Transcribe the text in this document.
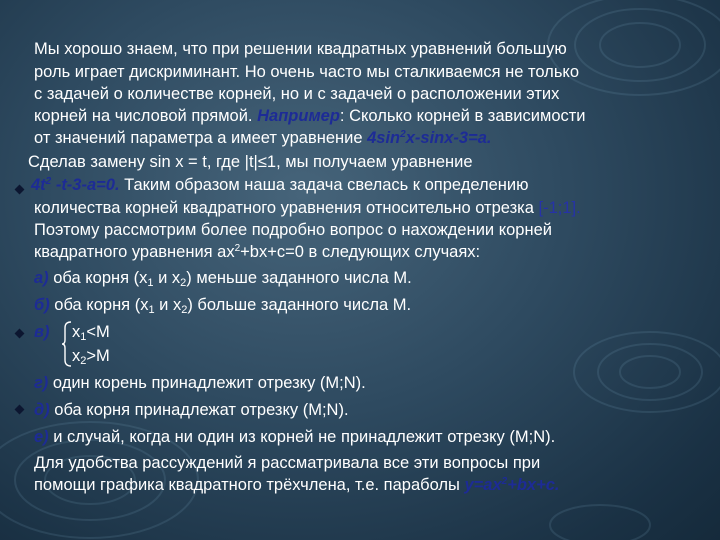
Мы хорошо знаем, что при решении квадратных уравнений большую
роль играет дискриминант. Но очень часто мы сталкиваемся не только
с задачей о количестве корней, но и с задачей о расположении этих
корней на числовой прямой. Например: Сколько корней в зависимости
от значений параметра а имеет уравнение $4\sin^2x-\sin x-3=a$.
Сделав замену sin x = t, где |t|≤1, мы получаем уравнение
$4t^2$ -t-3-a=0. Таким образом наша задача свелась к определению
количества корней квадратного уравнения относительно отрезка [-1;1].
Поэтому рассмотрим более подробно вопрос о нахождении корней
квадратного уравнения $ax^2+bx+c=0$ в следующих случаях:
а) оба корня ($x_1$ и $x_2$) меньше заданного числа М.
б) оба корня ($x_1$ и $x_2$) больше заданного числа М.
в) $x_1<M$
$x_2>M$
г) один корень принадлежит отрезку (M;N).
д) оба корня принадлежат отрезку (M;N).
е) и случай, когда ни один из корней не принадлежит отрезку (M;N).
Для удобства рассуждений я рассматривала все эти вопросы при
помощи графика квадратного трёхчлена, т.е. параболы $y=ax^2+bx+c$.
